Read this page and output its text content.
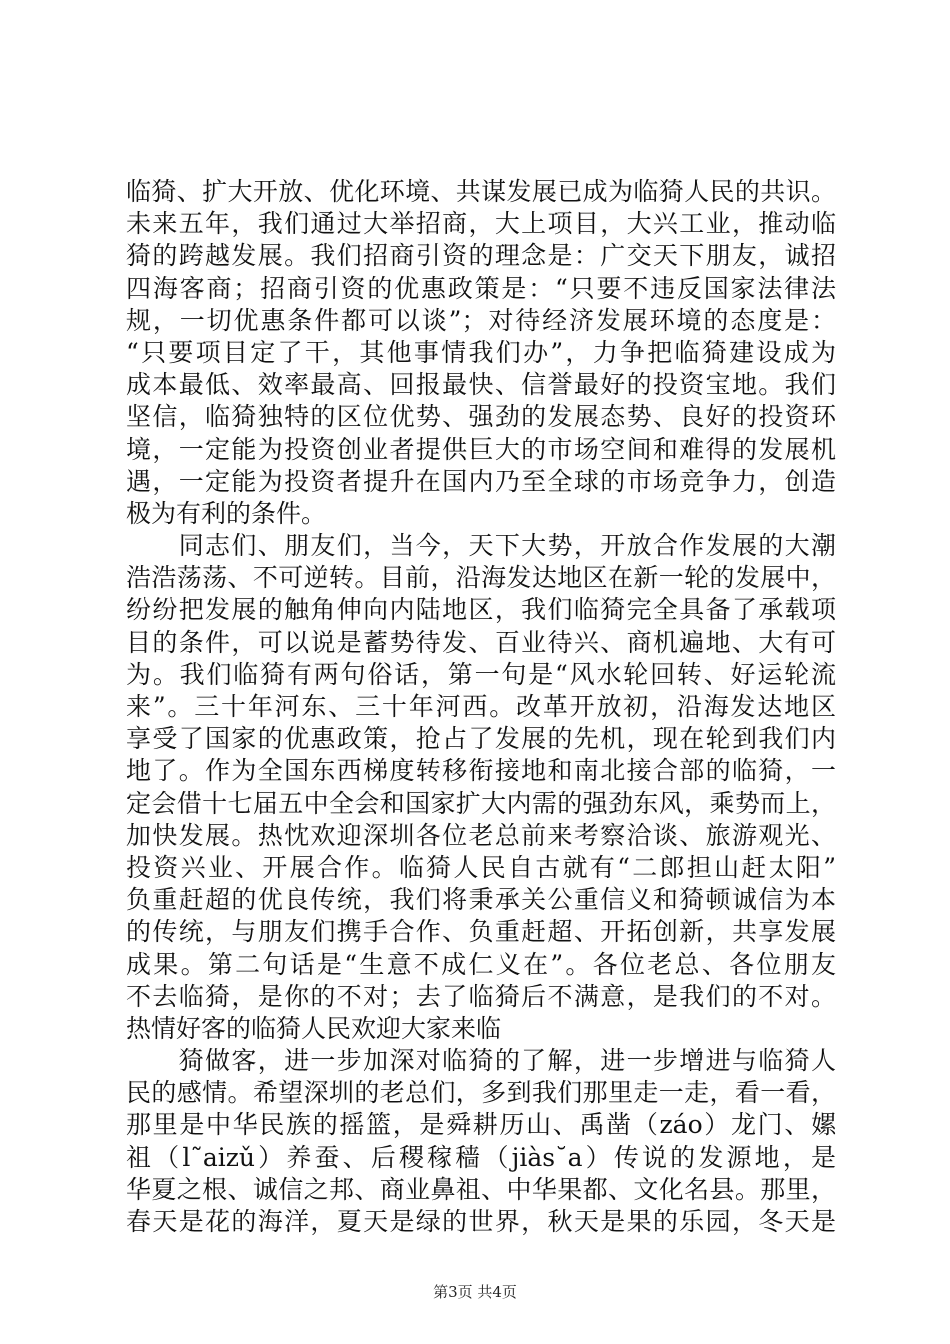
临猗、扩大开放、优化环境、共谋发展已成为临猗人民的共识。
未来五年，我们通过大举招商，大上项目，大兴工业，推动临
猗的跨越发展。我们招商引资的理念是：广交天下朋友，诚招
四海客商；招商引资的优惠政策是：“只要不违反国家法律法
规，一切优惠条件都可以谈”；对待经济发展环境的态度是：
“只要项目定了干，其他事情我们办”，力争把临猗建设成为
成本最低、效率最高、回报最快、信誉最好的投资宝地。我们
坚信，临猗独特的区位优势、强劲的发展态势、良好的投资环
境，一定能为投资创业者提供巨大的市场空间和难得的发展机
遇，一定能为投资者提升在国内乃至全球的市场竞争力，创造
极为有利的条件。
　　同志们、朋友们，当今，天下大势，开放合作发展的大潮
浩浩荡荡、不可逆转。目前，沿海发达地区在新一轮的发展中，
纷纷把发展的触角伸向内陆地区，我们临猗完全具备了承载项
目的条件，可以说是蓄势待发、百业待兴、商机遍地、大有可
为。我们临猗有两句俗话，第一句是“风水轮回转、好运轮流
来”。三十年河东、三十年河西。改革开放初，沿海发达地区
享受了国家的优惠政策，抢占了发展的先机，现在轮到我们内
地了。作为全国东西梯度转移衔接地和南北接合部的临猗，一
定会借十七届五中全会和国家扩大内需的强劲东风，乘势而上，
加快发展。热忱欢迎深圳各位老总前来考察洽谈、旅游观光、
投资兴业、开展合作。临猗人民自古就有“二郎担山赶太阳”
负重赶超的优良传统，我们将秉承关公重信义和猗顿诚信为本
的传统，与朋友们携手合作、负重赶超、开拓创新，共享发展
成果。第二句话是“生意不成仁义在”。各位老总、各位朋友
不去临猗，是你的不对；去了临猗后不满意，是我们的不对。
热情好客的临猗人民欢迎大家来临
　　猗做客，进一步加深对临猗的了解，进一步增进与临猗人
民的感情。希望深圳的老总们，多到我们那里走一走，看一看，
那里是中华民族的摇篮，是舜耕历山、禹凿（záo）龙门、嫘
祖（l˜aizǔ）养蚕、后稷稼穑（jiàs˘a）传说的发源地，是
华夏之根、诚信之邦、商业鼻祖、中华果都、文化名县。那里，
春天是花的海洋，夏天是绿的世界，秋天是果的乐园，冬天是
第3页 共4页
